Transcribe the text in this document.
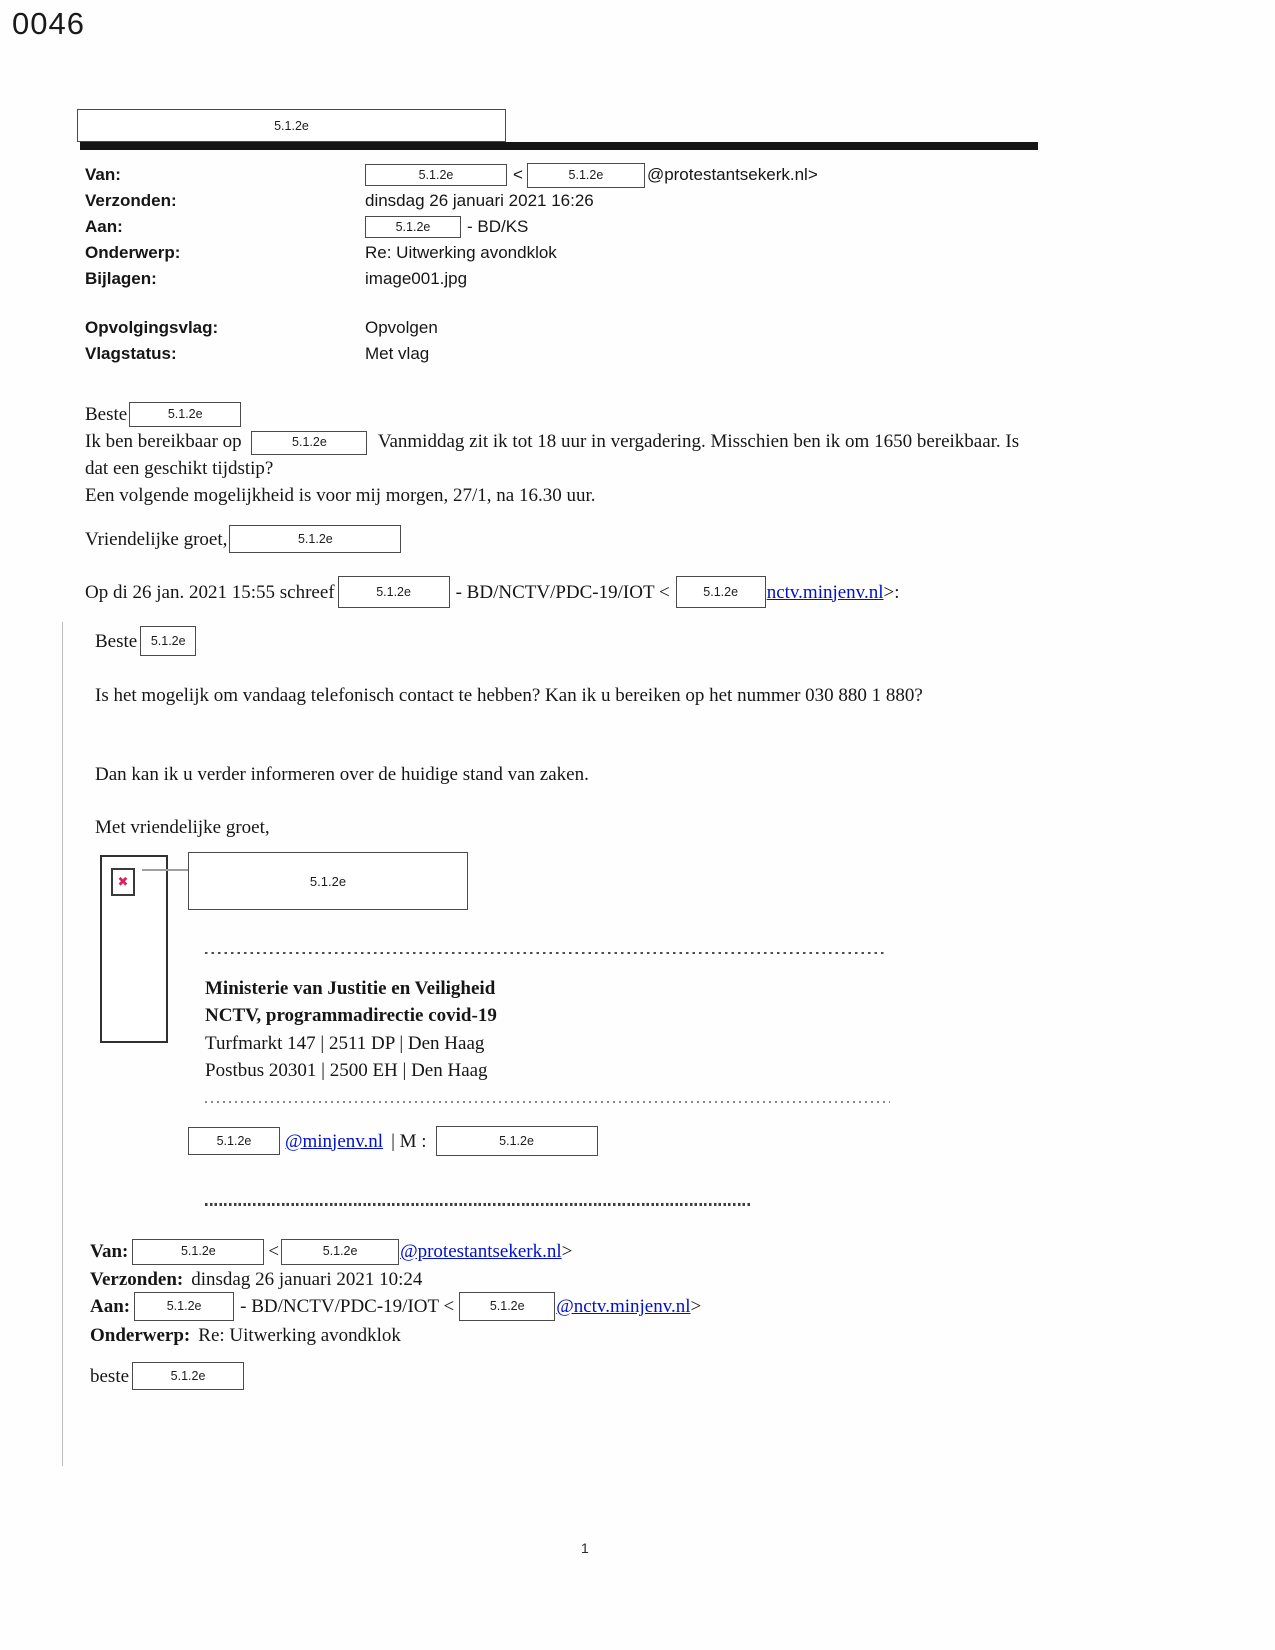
0046
5.1.2e
Van:	5.1.2e	<	5.1.2e	@protestantsekerk.nl>
Verzonden:	dinsdag 26 januari 2021 16:26
Aan:	5.1.2e - BD/KS
Onderwerp:	Re: Uitwerking avondklok
Bijlagen:	image001.jpg
Opvolgingsvlag:	Opvolgen
Vlagstatus:	Met vlag
Beste	5.1.2e
Ik ben bereikbaar op	5.1.2e	Vanmiddag zit ik tot 18 uur in vergadering. Misschien ben ik om 1650 bereikbaar. Is dat een geschikt tijdstip?
Een volgende mogelijkheid is voor mij morgen, 27/1, na 16.30 uur.
Vriendelijke groet,	5.1.2e
Op di 26 jan. 2021 15:55 schreef	5.1.2e - BD/NCTV/PDC-19/IOT <	5.1.2e nctv.minjenv.nl >:
Beste 5.1.2e
Is het mogelijk om vandaag telefonisch contact te hebben? Kan ik u bereiken op het nummer 030 880 1 880?
Dan kan ik u verder informeren over de huidige stand van zaken.
Met vriendelijke groet,
✖	5.1.2e
Ministerie van Justitie en Veiligheid
NCTV, programmadirectie covid-19
Turfmarkt 147 | 2511 DP | Den Haag
Postbus 20301 | 2500 EH | Den Haag
5.1.2e @minjenv.nl | M :	5.1.2e
Van:	5.1.2e	<	5.1.2e @protestantsekerk.nl >
Verzonden: dinsdag 26 januari 2021 10:24
Aan:	5.1.2e - BD/NCTV/PDC-19/IOT <	5.1.2e @nctv.minjenv.nl >
Onderwerp: Re: Uitwerking avondklok
beste	5.1.2e
1
